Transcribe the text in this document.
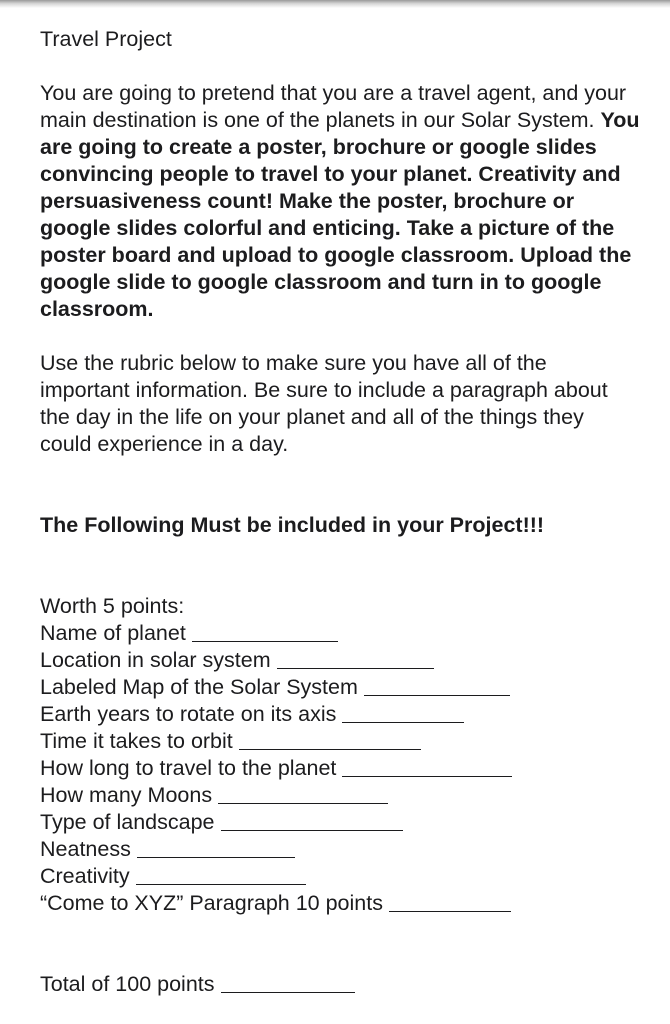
Travel Project

You are going to pretend that you are a travel agent, and your main destination is one of the planets in our Solar System. You are going to create a poster, brochure or google slides convincing people to travel to your planet. Creativity and persuasiveness count! Make the poster, brochure or google slides colorful and enticing. Take a picture of the poster board and upload to google classroom. Upload the google slide to google classroom and turn in to google classroom.

Use the rubric below to make sure you have all of the important information. Be sure to include a paragraph about the day in the life on your planet and all of the things they could experience in a day.

The Following Must be included in your Project!!!

Worth 5 points:

Name of planet
Location in solar system
Labeled Map of the Solar System
Earth years to rotate on its axis
Time it takes to orbit
How long to travel to the planet
How many Moons
Type of landscape
Neatness
Creativity
“Come to XYZ” Paragraph 10 points
Total of 100 points
